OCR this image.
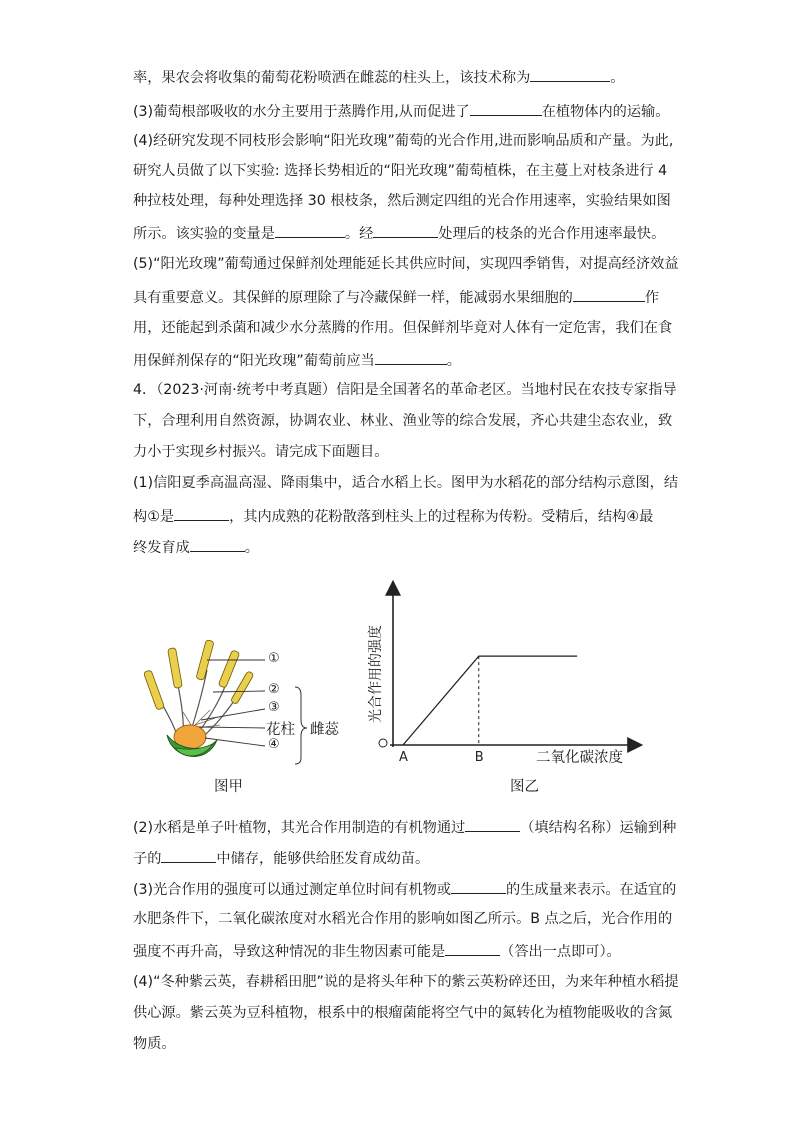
率，果农会将收集的葡萄花粉喷洒在雌蕊的柱头上，该技术称为	。
(3)葡萄根部吸收的水分主要用于蒸腾作用,从而促进了	在植物体内的运输。
(4)经研究发现不同枝形会影响“阳光玫瑰”葡萄的光合作用,进而影响品质和产量。为此,
研究人员做了以下实验: 选择长势相近的“阳光玫瑰”葡萄植株，在主蔓上对枝条进行 4
种拉枝处理，每种处理选择 30 根枝条，然后测定四组的光合作用速率，实验结果如图
所示。该实验的变量是	。经	处理后的枝条的光合作用速率最快。
(5)“阳光玫瑰”葡萄通过保鲜剂处理能延长其供应时间，实现四季销售，对提高经济效益
具有重要意义。其保鲜的原理除了与冷藏保鲜一样，能减弱水果细胞的	作
用，还能起到杀菌和减少水分蒸腾的作用。但保鲜剂毕竟对人体有一定危害，我们在食
用保鲜剂保存的“阳光玫瑰”葡萄前应当	。
4．（2023·河南·统考中考真题）信阳是全国著名的革命老区。当地村民在农技专家指导
下，合理利用自然资源，协调农业、林业、渔业等的综合发展，齐心共建尘态农业，致
力小于实现乡村振兴。请完成下面题目。
(1)信阳夏季高温高湿、降雨集中，适合水稻上长。图甲为水稻花的部分结构示意图，结
构①是	，其内成熟的花粉散落到柱头上的过程称为传粉。受精后，结构④最
终发育成	。
①
②
③
花柱
④
雌蕊
图甲
A	B
光合作用的强度
二氧化碳浓度
图乙
(2)水稻是单子叶植物，其光合作用制造的有机物通过	（填结构名称）运输到种
子的	中储存，能够供给胚发育成幼苗。
(3)光合作用的强度可以通过测定单位时间有机物或	的生成量来表示。在适宜的
水肥条件下，二氧化碳浓度对水稻光合作用的影响如图乙所示。B 点之后，光合作用的
强度不再升高，导致这种情况的非生物因素可能是	（答出一点即可）。
(4)“冬种紫云英，春耕稻田肥”说的是将头年种下的紫云英粉碎还田，为来年种植水稻提
供心源。紫云英为豆科植物，根系中的根瘤菌能将空气中的氮转化为植物能吸收的含氮
物质。
